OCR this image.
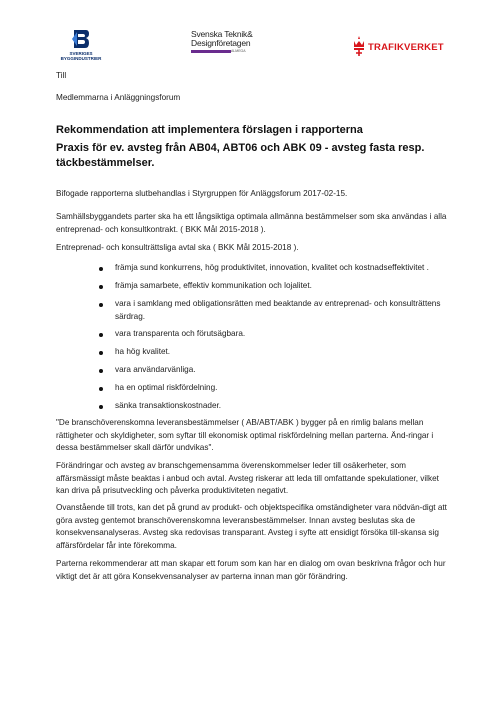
SVERIGES
BYGGINDUSTRIER
Svenska Teknik&
Designföretagen
ALMEGA	TRAFIKVERKET
Till
Medlemmarna i Anläggningsforum
Rekommendation att implementera förslagen i rapporterna
Praxis för ev. avsteg från AB04, ABT06 och ABK 09 - avsteg fasta resp. täckbestämmelser.
Bifogade rapporterna slutbehandlas i Styrgruppen för Anläggsforum 2017-02-15.
Samhällsbyggandets parter ska ha ett långsiktiga optimala allmänna bestämmelser som ska användas i alla entreprenad- och konsultkontrakt. ( BKK Mål 2015-2018 ).
Entreprenad- och konsulträttsliga avtal ska ( BKK Mål 2015-2018 ).
främja sund konkurrens, hög produktivitet, innovation, kvalitet och kostnadseffektivitet .
främja samarbete, effektiv kommunikation och lojalitet.
vara i samklang med obligationsrätten med beaktande av entreprenad- och konsulträttens särdrag.
vara transparenta och förutsägbara.
ha hög kvalitet.
vara användarvänliga.
ha en optimal riskfördelning.
sänka transaktionskostnader.
"De branschöverenskomna leveransbestämmelser ( AB/ABT/ABK ) bygger på en rimlig balans mellan rättigheter och skyldigheter, som syftar till ekonomisk optimal riskfördelning mellan parterna. Änd-ringar i dessa bestämmelser skall därför undvikas".
Förändringar och avsteg av branschgemensamma överenskommelser leder till osäkerheter, som affärsmässigt måste beaktas i anbud och avtal. Avsteg riskerar att leda till omfattande spekulationer, vilket kan driva på prisutveckling och påverka produktiviteten negativt.
Ovanstående till trots, kan det på grund av produkt- och objektspecifika omständigheter vara nödvän-digt att göra avsteg gentemot branschöverenskomna leveransbestämmelser. Innan avsteg beslutas ska de konsekvensanalyseras. Avsteg ska redovisas transparant. Avsteg i syfte att ensidigt försöka till-skansa sig affärsfördelar får inte förekomma.
Parterna rekommenderar att man skapar ett forum som kan har en dialog om ovan beskrivna frågor och hur viktigt det är att göra Konsekvensanalyser av parterna innan man gör förändring.
